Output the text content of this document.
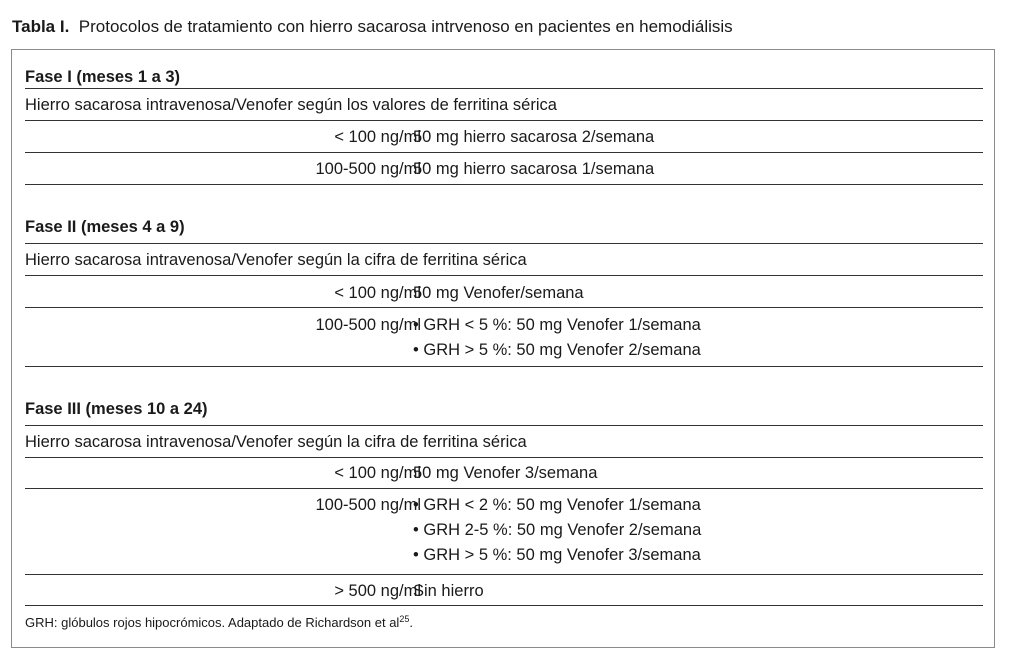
Tabla I. Protocolos de tratamiento con hierro sacarosa intrvenoso en pacientes en hemodiálisis
Fase I (meses 1 a 3)
Hierro sacarosa intravenosa/Venofer según los valores de ferritina sérica
< 100 ng/ml
50 mg hierro sacarosa 2/semana
100-500 ng/ml
50 mg hierro sacarosa 1/semana
Fase II (meses 4 a 9)
Hierro sacarosa intravenosa/Venofer según la cifra de ferritina sérica
< 100 ng/ml
50 mg Venofer/semana
100-500 ng/ml
• GRH < 5 %: 50 mg Venofer 1/semana
• GRH > 5 %: 50 mg Venofer 2/semana
Fase III (meses 10 a 24)
Hierro sacarosa intravenosa/Venofer según la cifra de ferritina sérica
< 100 ng/ml
50 mg Venofer 3/semana
100-500 ng/ml
• GRH < 2 %: 50 mg Venofer 1/semana
• GRH 2-5 %: 50 mg Venofer 2/semana
• GRH > 5 %: 50 mg Venofer 3/semana
> 500 ng/ml
Sin hierro
GRH: glóbulos rojos hipocrómicos. Adaptado de Richardson et $al^{25}$.
